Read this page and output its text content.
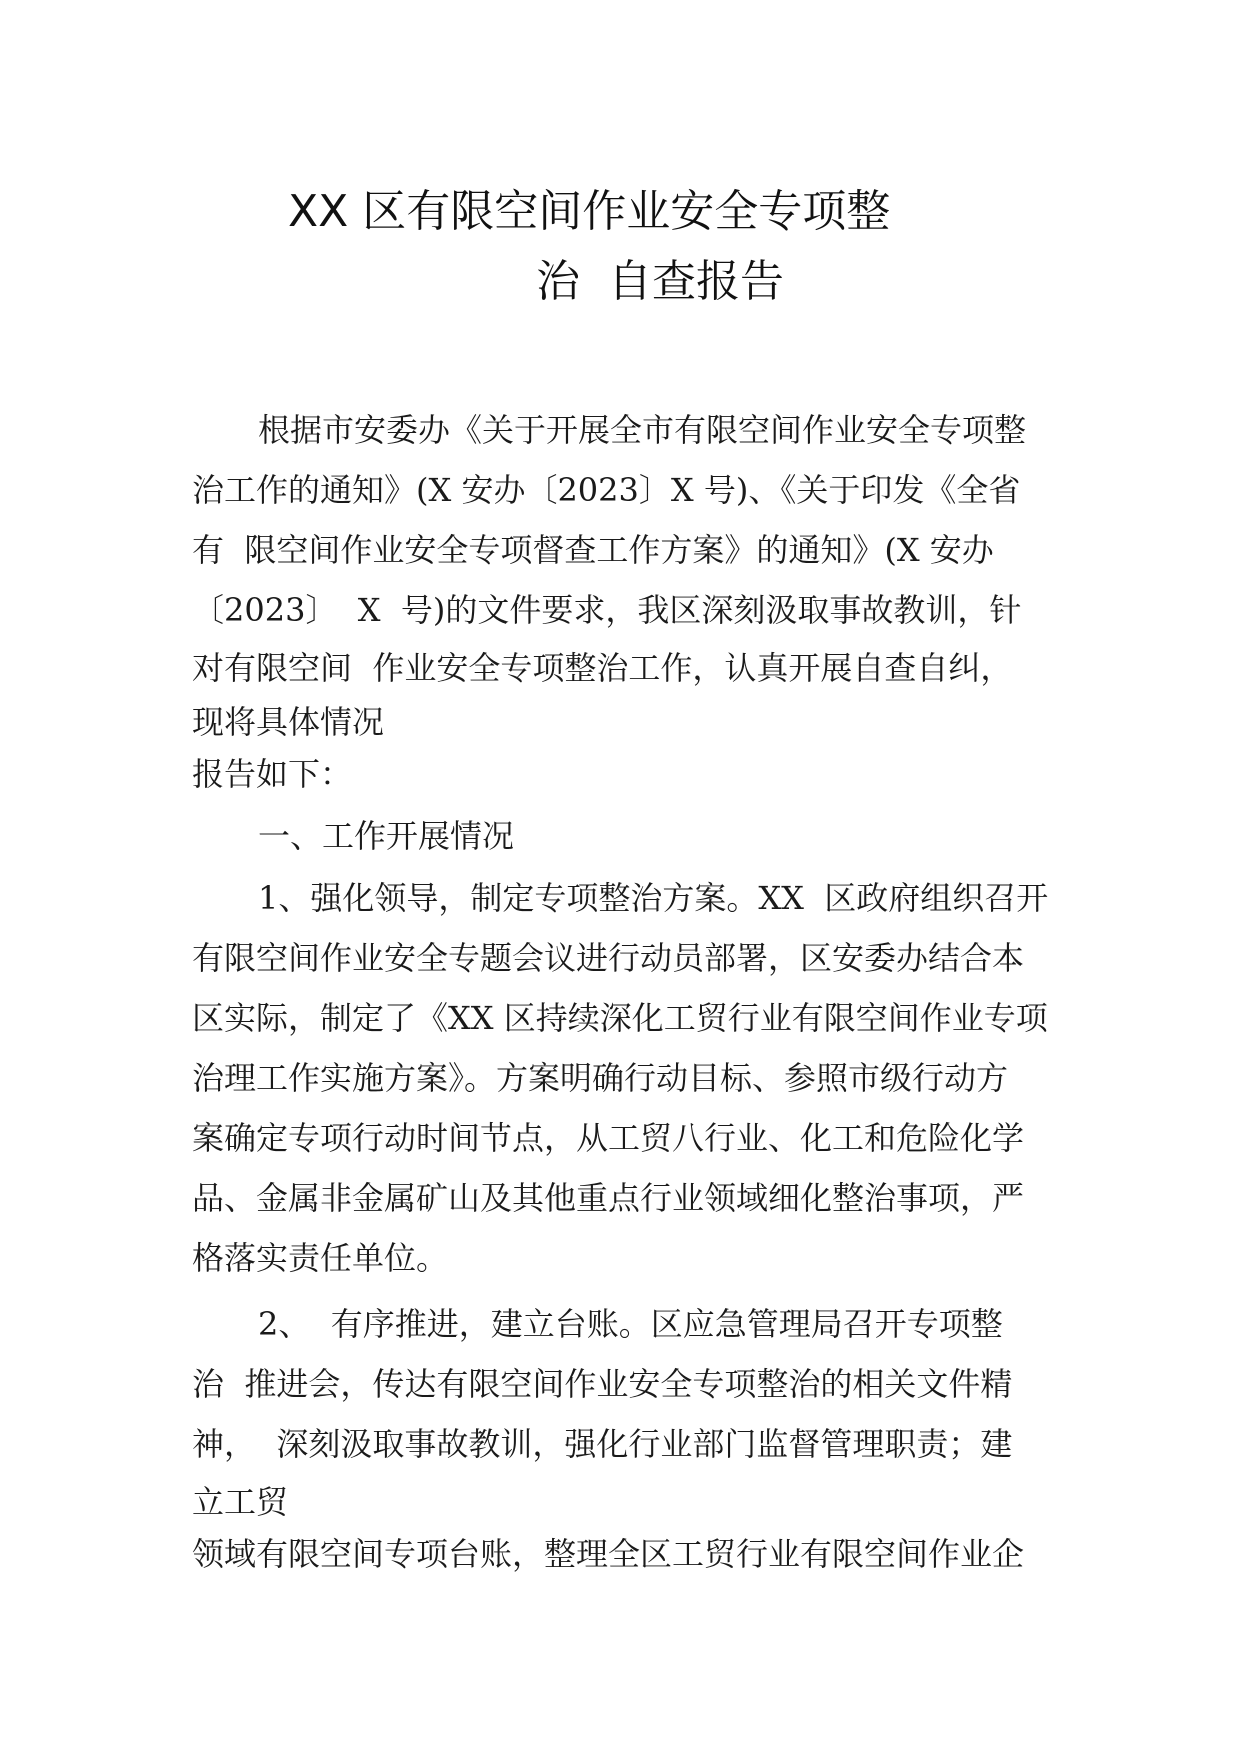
XX 区有限空间作业安全专项整
治  自查报告
根据市安委办《关于开展全市有限空间作业安全专项整
治工作的通知》(X 安办〔2023〕X 号)、《关于印发《全省
有  限空间作业安全专项督查工作方案》的通知》(X 安办
〔2023〕  X  号)的文件要求，我区深刻汲取事故教训，针
对有限空间  作业安全专项整治工作，认真开展自查自纠，
现将具体情况
报告如下：
一、工作开展情况
1、强化领导，制定专项整治方案。XX  区政府组织召开
有限空间作业安全专题会议进行动员部署，区安委办结合本
区实际，制定了《XX 区持续深化工贸行业有限空间作业专项
治理工作实施方案》。方案明确行动目标、参照市级行动方
案确定专项行动时间节点，从工贸八行业、化工和危险化学
品、金属非金属矿山及其他重点行业领域细化整治事项，严
格落实责任单位。
2、  有序推进，建立台账。区应急管理局召开专项整
治  推进会，传达有限空间作业安全专项整治的相关文件精
神，  深刻汲取事故教训，强化行业部门监督管理职责；建
立工贸
领域有限空间专项台账，整理全区工贸行业有限空间作业企
